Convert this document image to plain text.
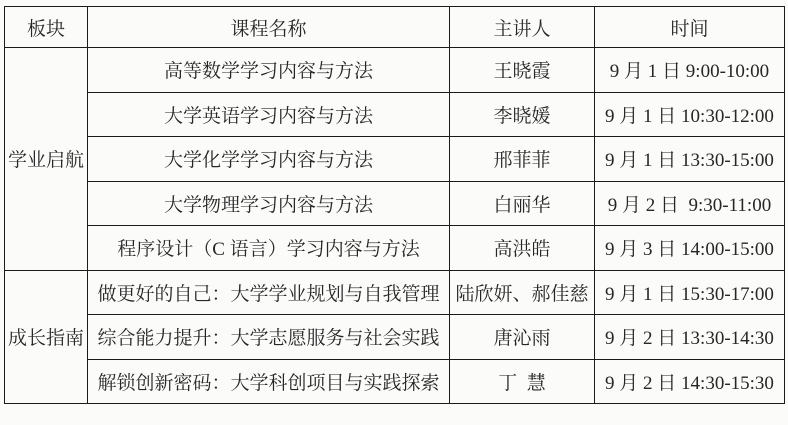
板块	课程名称	主讲人	时间
学业启航	高等数学学习内容与方法	王晓霞	9 月 1 日 9:00-10:00
	大学英语学习内容与方法	李晓媛	9 月 1 日 10:30-12:00
	大学化学学习内容与方法	邢菲菲	9 月 1 日 13:30-15:00
	大学物理学习内容与方法	白丽华	9 月 2 日  9:30-11:00
	程序设计（C 语言）学习内容与方法	高洪皓	9 月 3 日 14:00-15:00
成长指南	做更好的自己：大学学业规划与自我管理	陆欣妍、郝佳慈	9 月 1 日 15:30-17:00
	综合能力提升：大学志愿服务与社会实践	唐沁雨	9 月 2 日 13:30-14:30
	解锁创新密码：大学科创项目与实践探索	丁  慧	9 月 2 日 14:30-15:30
